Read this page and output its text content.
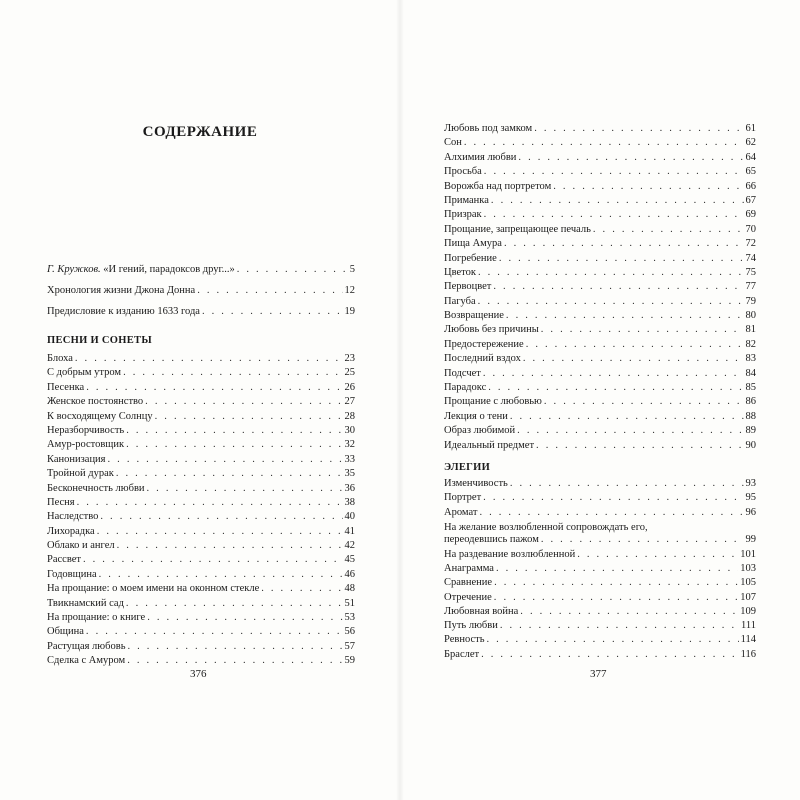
СОДЕРЖАНИЕ
Г. Кружков. «И гений, парадоксов друг...» . . .	5
Хронология жизни Джона Донна . . .	12
Предисловие к изданию 1633 года . . .	19
ПЕСНИ И СОНЕТЫ
Блоха . . .	23
С добрым утром . . .	25
Песенка . . .	26
Женское постоянство . . .	27
К восходящему Солнцу . . .	28
Неразборчивость . . .	30
Амур-ростовщик . . .	32
Канонизация . . .	33
Тройной дурак . . .	35
Бесконечность любви . . .	36
Песня . . .	38
Наследство . . .	40
Лихорадка . . .	41
Облако и ангел . . .	42
Рассвет . . .	45
Годовщина . . .	46
На прощание: о моем имени на оконном стекле . . .	48
Твикнамский сад . . .	51
На прощание: о книге . . .	53
Община . . .	56
Растущая любовь . . .	57
Сделка с Амуром . . .	59
376
Любовь под замком . . .	61
Сон . . .	62
Алхимия любви . . .	64
Просьба . . .	65
Ворожба над портретом . . .	66
Приманка . . .	67
Призрак . . .	69
Прощание, запрещающее печаль . . .	70
Пища Амура . . .	72
Погребение . . .	74
Цветок . . .	75
Первоцвет . . .	77
Пагуба . . .	79
Возвращение . . .	80
Любовь без причины . . .	81
Предостережение . . .	82
Последний вздох . . .	83
Подсчет . . .	84
Парадокс . . .	85
Прощание с любовью . . .	86
Лекция о тени . . .	88
Образ любимой . . .	89
Идеальный предмет . . .	90
ЭЛЕГИИ
Изменчивость . . .	93
Портрет . . .	95
Аромат . . .	96
На желание возлюбленной сопровождать его,
переодевшись пажом . . .	99
На раздевание возлюбленной . . .	101
Анаграмма . . .	103
Сравнение . . .	105
Отречение . . .	107
Любовная война . . .	109
Путь любви . . .	111
Ревность . . .	114
Браслет . . .	116
377
